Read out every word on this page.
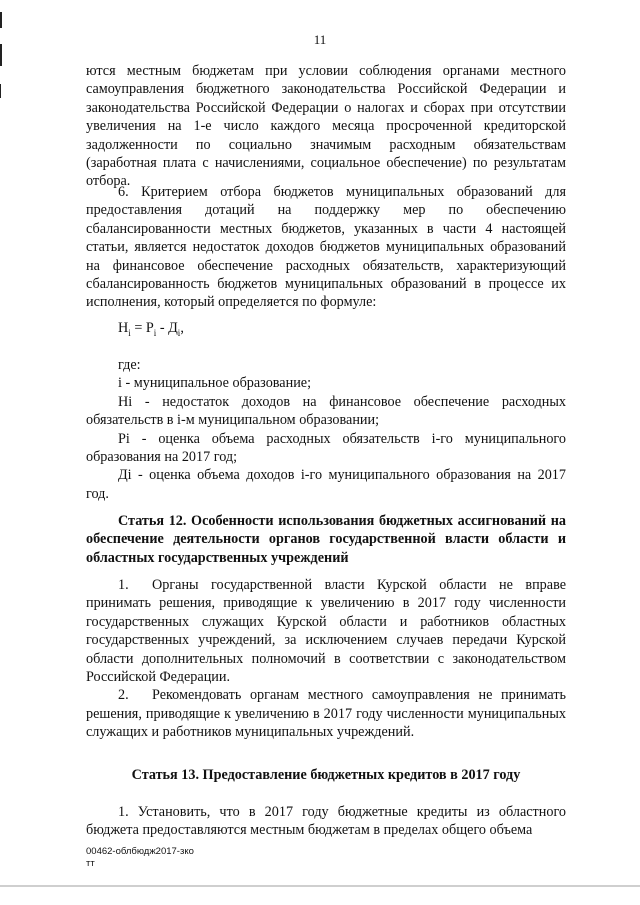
11

ются местным бюджетам при условии соблюдения органами местного самоуправления бюджетного законодательства Российской Федерации и законодательства Российской Федерации о налогах и сборах при отсутствии увеличения на 1-е число каждого месяца просроченной кредиторской задолженности по социально значимым расходным обязательствам (заработная плата с начислениями, социальное обеспечение) по результатам отбора.

6. Критерием отбора бюджетов муниципальных образований для предоставления дотаций на поддержку мер по обеспечению сбалансированности местных бюджетов, указанных в части 4 настоящей статьи, является недостаток доходов бюджетов муниципальных образований на финансовое обеспечение расходных обязательств, характеризующий сбалансированность бюджетов муниципальных образований в процессе их исполнения, который определяется по формуле:

$H_i = P_i - Д_i$,

где:

i - муниципальное образование;

Hi - недостаток доходов на финансовое обеспечение расходных обязательств в i-м муниципальном образовании;

Pi - оценка объема расходных обязательств i-го муниципального образования на 2017 год;

Дi - оценка объема доходов i-го муниципального образования на 2017 год.

Статья 12. Особенности использования бюджетных ассигнований на обеспечение деятельности органов государственной власти области и областных государственных учреждений

1. Органы государственной власти Курской области не вправе принимать решения, приводящие к увеличению в 2017 году численности государственных служащих Курской области и работников областных государственных учреждений, за исключением случаев передачи Курской области дополнительных полномочий в соответствии с законодательством Российской Федерации.

2. Рекомендовать органам местного самоуправления не принимать решения, приводящие к увеличению в 2017 году численности муниципальных служащих и работников муниципальных учреждений.

Статья 13. Предоставление бюджетных кредитов в 2017 году

1. Установить, что в 2017 году бюджетные кредиты из областного бюджета предоставляются местным бюджетам в пределах общего объема

00462-облбюдж2017-зко
тт
